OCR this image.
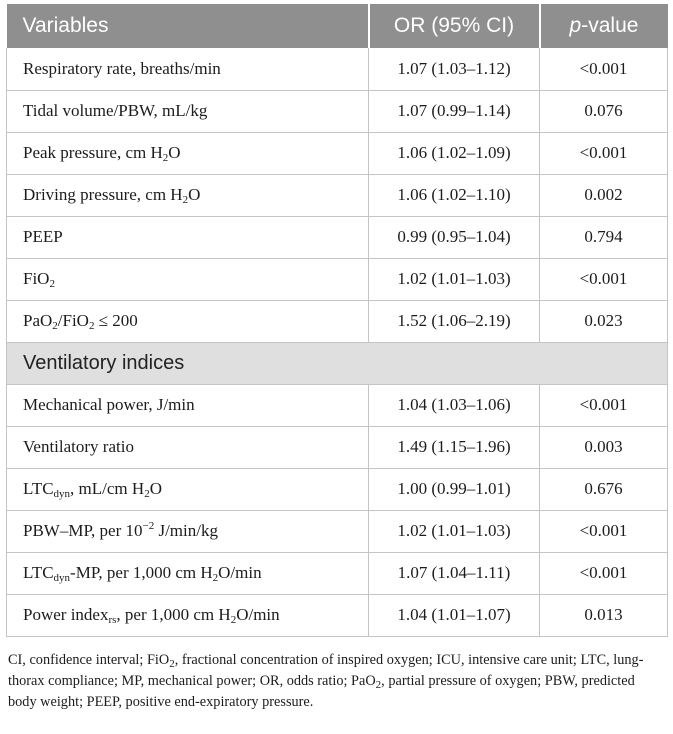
Variables	OR (95% CI)	p-value
Respiratory rate, breaths/min	1.07 (1.03–1.12)	<0.001
Tidal volume/PBW, mL/kg	1.07 (0.99–1.14)	0.076
Peak pressure, cm $H_2O$	1.06 (1.02–1.09)	<0.001
Driving pressure, cm $H_2O$	1.06 (1.02–1.10)	0.002
PEEP	0.99 (0.95–1.04)	0.794
FiO$_2$	1.02 (1.01–1.03)	<0.001
PaO$_2$/FiO$_2$ ≤ 200	1.52 (1.06–2.19)	0.023
Ventilatory indices		
Mechanical power, J/min	1.04 (1.03–1.06)	<0.001
Ventilatory ratio	1.49 (1.15–1.96)	0.003
$LTC_{dyn}$, mL/cm $H_2O$	1.00 (0.99–1.01)	0.676
PBW–MP, per $10^{-2}$ J/min/kg	1.02 (1.01–1.03)	<0.001
$LTC_{dyn}-MP$, per 1,000 cm $H_2O/\min$	1.07 (1.04–1.11)	<0.001
Power index$_{rs}$, per 1,000 cm $H_2O/\min$	1.04 (1.01–1.07)	0.013
CI, confidence interval; FiO$_2$, fractional concentration of inspired oxygen; ICU, intensive care unit; LTC, lung-thorax compliance; MP, mechanical power; OR, odds ratio; PaO$_2$, partial pressure of oxygen; PBW, predicted body weight; PEEP, positive end-expiratory pressure.
